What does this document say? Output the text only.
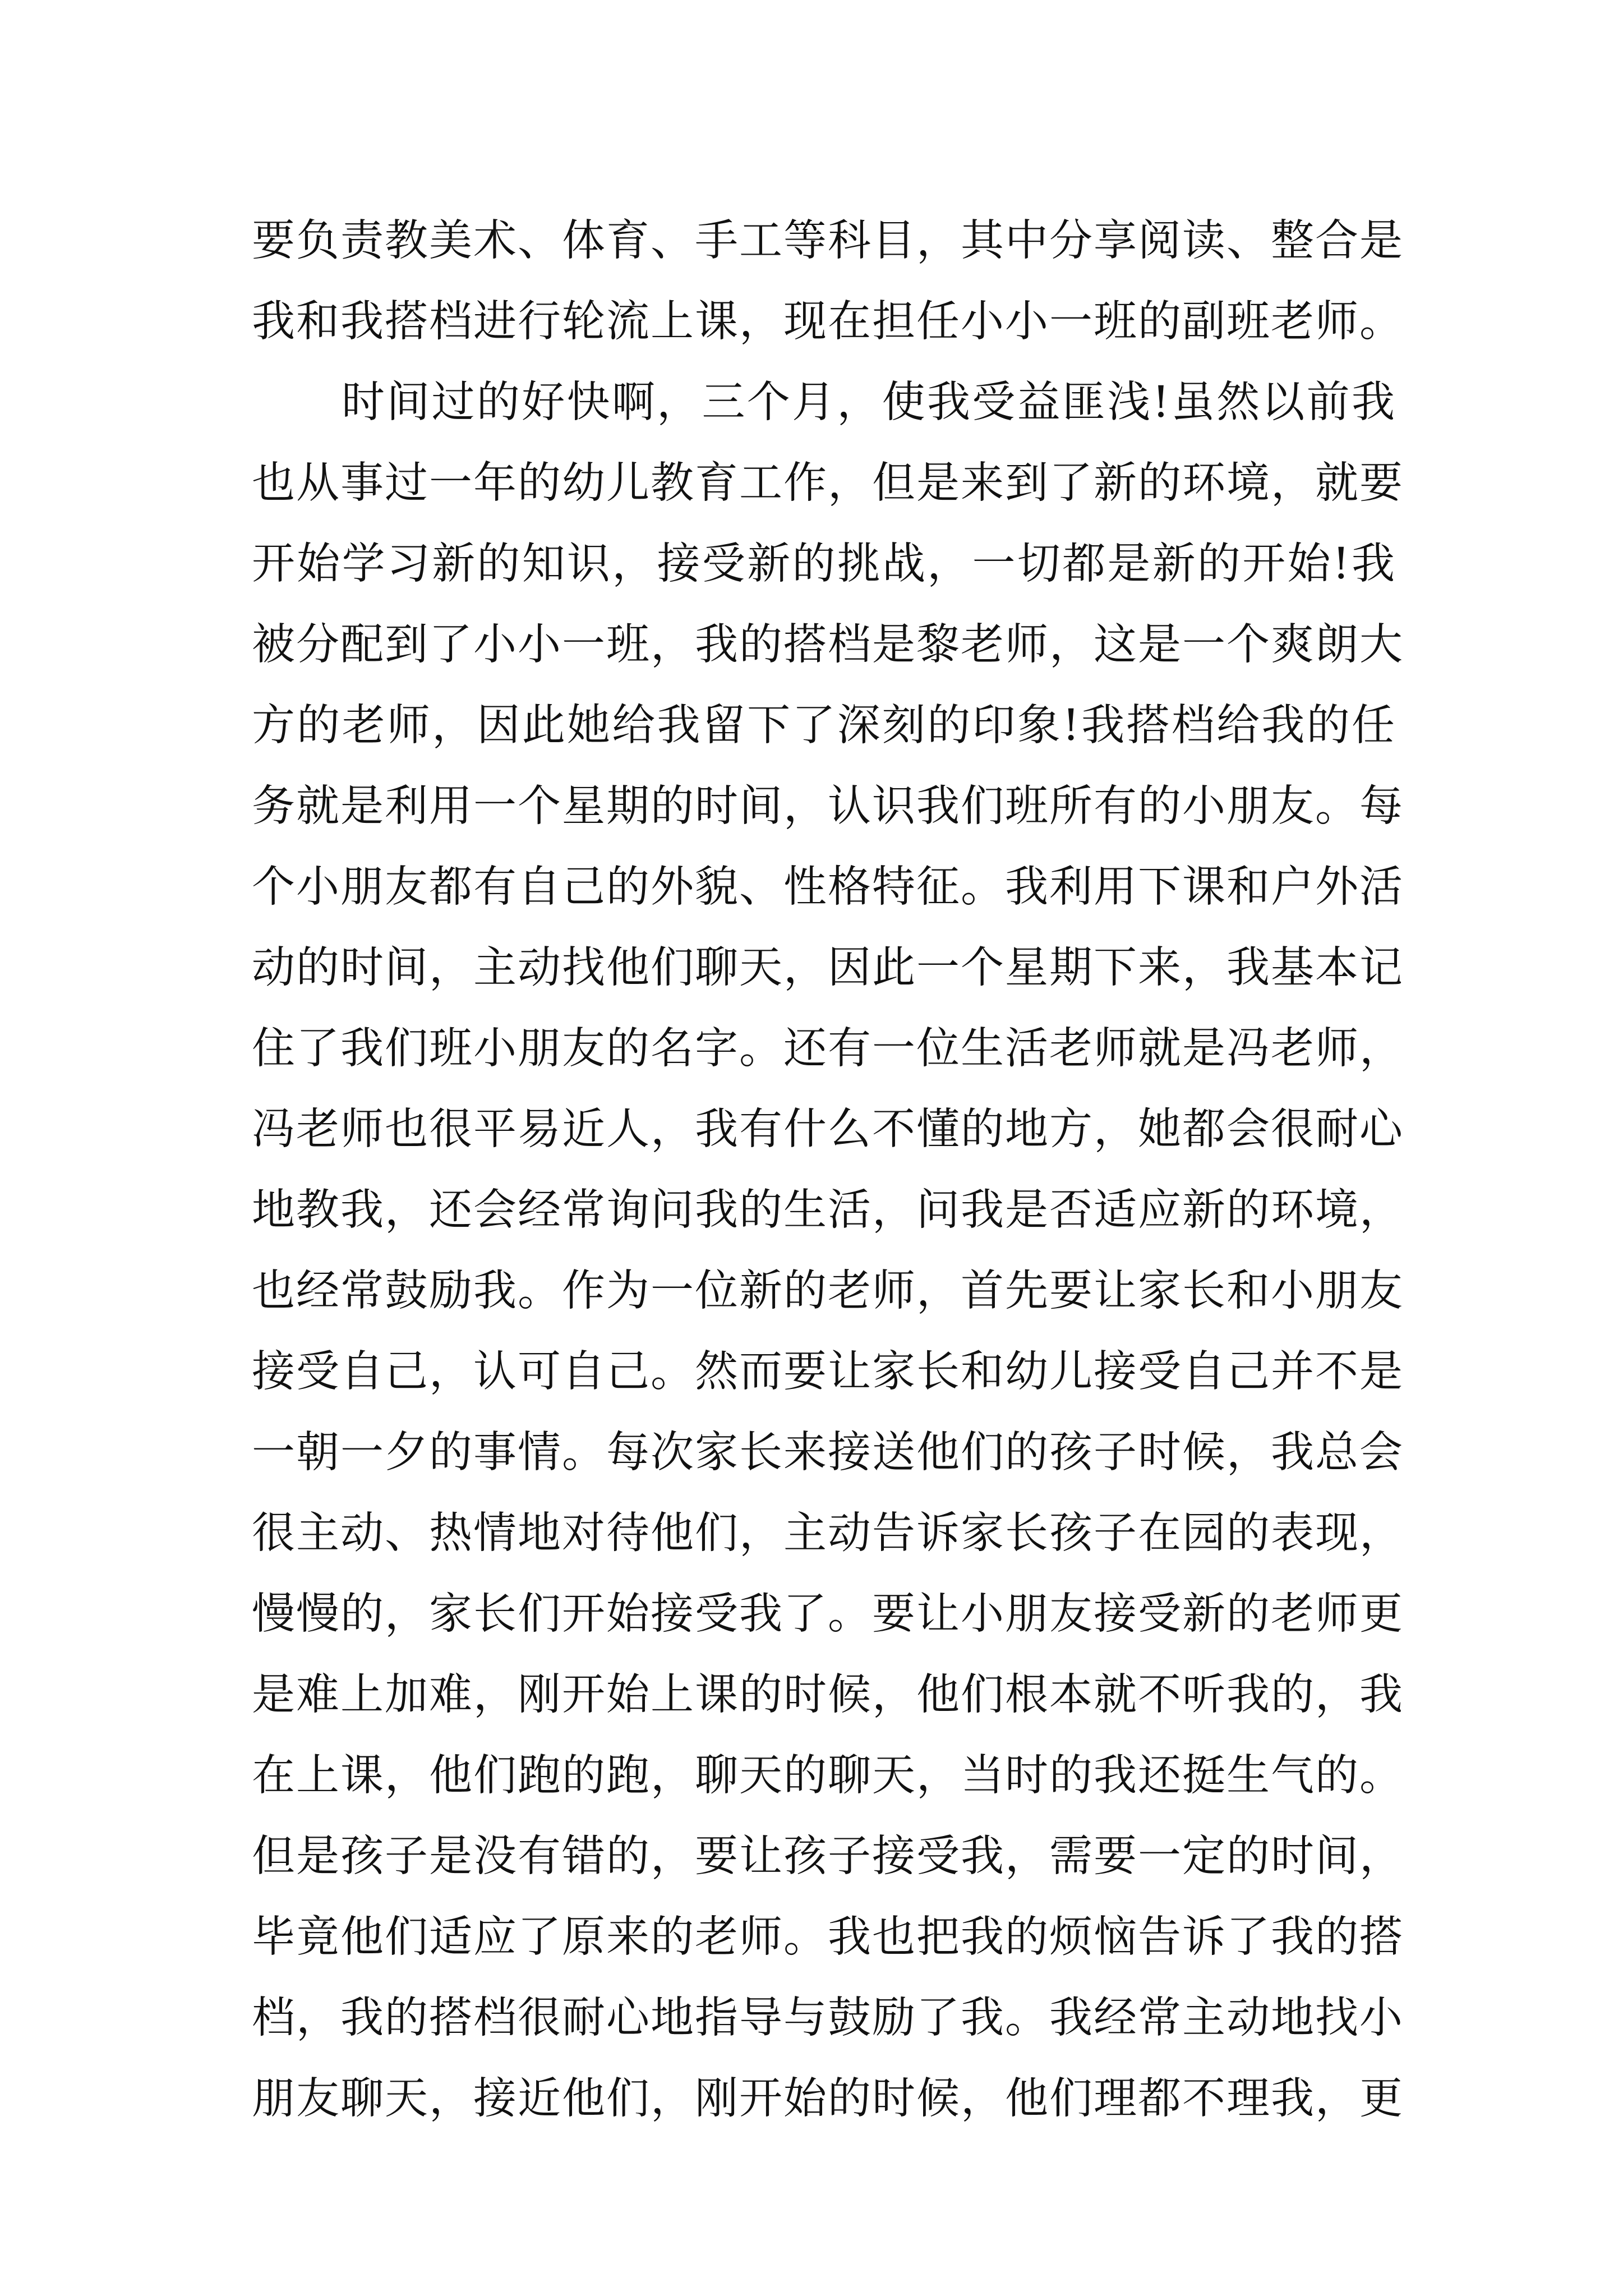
要负责教美术、体育、手工等科目，其中分享阅读、整合是
我和我搭档进行轮流上课，现在担任小小一班的副班老师。
时间过的好快啊，三个月，使我受益匪浅!虽然以前我
也从事过一年的幼儿教育工作，但是来到了新的环境，就要
开始学习新的知识，接受新的挑战，一切都是新的开始!我
被分配到了小小一班，我的搭档是黎老师，这是一个爽朗大
方的老师，因此她给我留下了深刻的印象!我搭档给我的任
务就是利用一个星期的时间，认识我们班所有的小朋友。每
个小朋友都有自己的外貌、性格特征。我利用下课和户外活
动的时间，主动找他们聊天，因此一个星期下来，我基本记
住了我们班小朋友的名字。还有一位生活老师就是冯老师，
冯老师也很平易近人，我有什么不懂的地方，她都会很耐心
地教我，还会经常询问我的生活，问我是否适应新的环境，
也经常鼓励我。作为一位新的老师，首先要让家长和小朋友
接受自己，认可自己。然而要让家长和幼儿接受自己并不是
一朝一夕的事情。每次家长来接送他们的孩子时候，我总会
很主动、热情地对待他们，主动告诉家长孩子在园的表现，
慢慢的，家长们开始接受我了。要让小朋友接受新的老师更
是难上加难，刚开始上课的时候，他们根本就不听我的，我
在上课，他们跑的跑，聊天的聊天，当时的我还挺生气的。
但是孩子是没有错的，要让孩子接受我，需要一定的时间，
毕竟他们适应了原来的老师。我也把我的烦恼告诉了我的搭
档，我的搭档很耐心地指导与鼓励了我。我经常主动地找小
朋友聊天，接近他们，刚开始的时候，他们理都不理我，更
